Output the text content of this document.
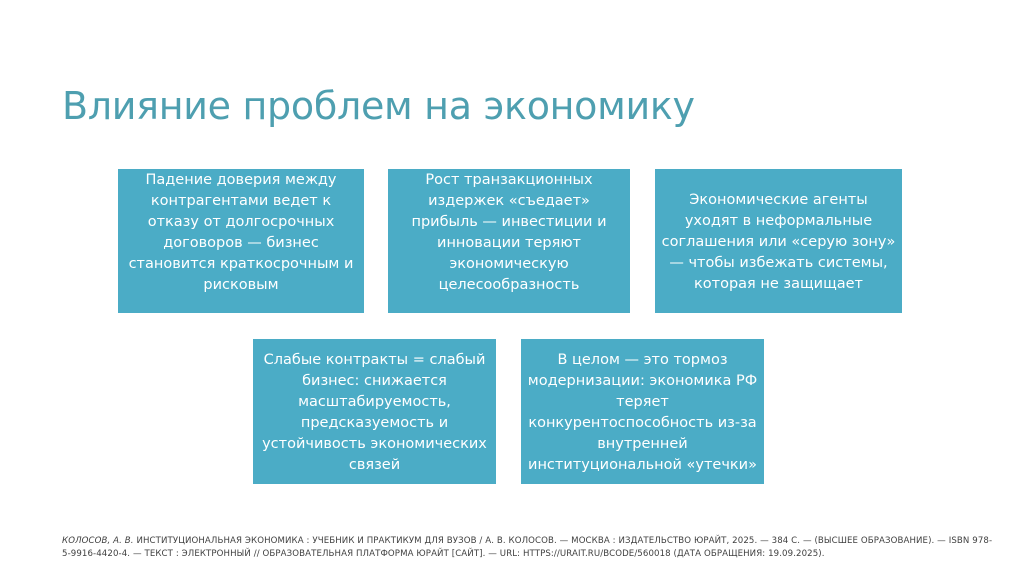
Влияние проблем на экономику
Падение доверия между контрагентами ведет к отказу от долгосрочных договоров — бизнес становится краткосрочным и рисковым
Рост транзакционных издержек «съедает» прибыль — инвестиции и инновации теряют экономическую целесообразность
Экономические агенты уходят в неформальные соглашения или «серую зону» — чтобы избежать системы, которая не защищает
Слабые контракты = слабый бизнес: снижается масштабируемость, предсказуемость и устойчивость экономических связей
В целом — это тормоз модернизации: экономика РФ теряет конкурентоспособность из-за внутренней институциональной «утечки»

КОЛОСОВ, А. В. ИНСТИТУЦИОНАЛЬНАЯ ЭКОНОМИКА : УЧЕБНИК И ПРАКТИКУМ ДЛЯ ВУЗОВ / А. В. КОЛОСОВ. — МОСКВА : ИЗДАТЕЛЬСТВО ЮРАЙТ, 2025. — 384 С. — (ВЫСШЕЕ ОБРАЗОВАНИЕ). — ISBN 978-5-9916-4420-4. — ТЕКСТ : ЭЛЕКТРОННЫЙ // ОБРАЗОВАТЕЛЬНАЯ ПЛАТФОРМА ЮРАЙТ [САЙТ]. — URL: HTTPS://URAIT.RU/BCODE/560018 (ДАТА ОБРАЩЕНИЯ: 19.09.2025).
